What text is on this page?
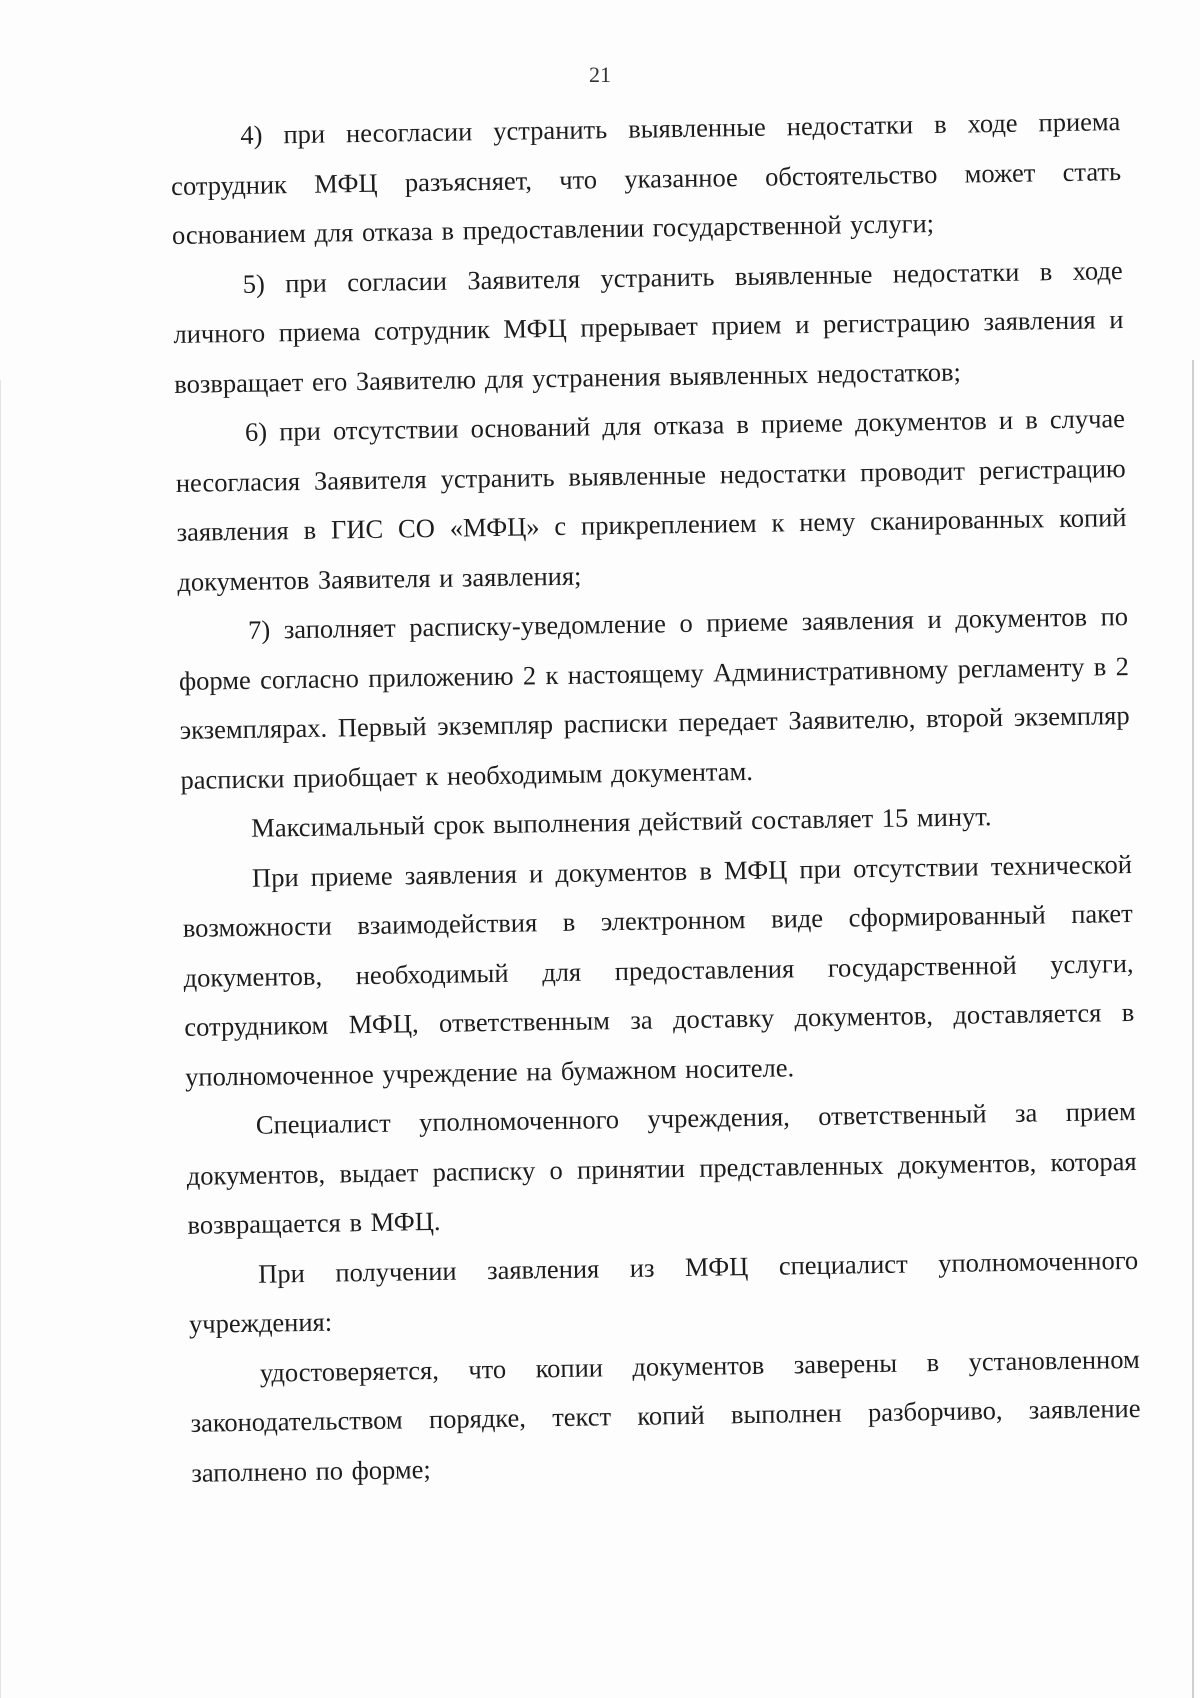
21

4) при несогласии устранить выявленные недостатки в ходе приема сотрудник МФЦ разъясняет, что указанное обстоятельство может стать основанием для отказа в предоставлении государственной услуги;

5) при согласии Заявителя устранить выявленные недостатки в ходе личного приема сотрудник МФЦ прерывает прием и регистрацию заявления и возвращает его Заявителю для устранения выявленных недостатков;

6) при отсутствии оснований для отказа в приеме документов и в случае несогласия Заявителя устранить выявленные недостатки проводит регистрацию заявления в ГИС СО «МФЦ» с прикреплением к нему сканированных копий документов Заявителя и заявления;

7) заполняет расписку-уведомление о приеме заявления и документов по форме согласно приложению 2 к настоящему Административному регламенту в 2 экземплярах. Первый экземпляр расписки передает Заявителю, второй экземпляр расписки приобщает к необходимым документам.

Максимальный срок выполнения действий составляет 15 минут.

При приеме заявления и документов в МФЦ при отсутствии технической возможности взаимодействия в электронном виде сформированный пакет документов, необходимый для предоставления государственной услуги, сотрудником МФЦ, ответственным за доставку документов, доставляется в уполномоченное учреждение на бумажном носителе.

Специалист уполномоченного учреждения, ответственный за прием документов, выдает расписку о принятии представленных документов, которая возвращается в МФЦ.

При получении заявления из МФЦ специалист уполномоченного учреждения:

удостоверяется, что копии документов заверены в установленном законодательством порядке, текст копий выполнен разборчиво, заявление заполнено по форме;
